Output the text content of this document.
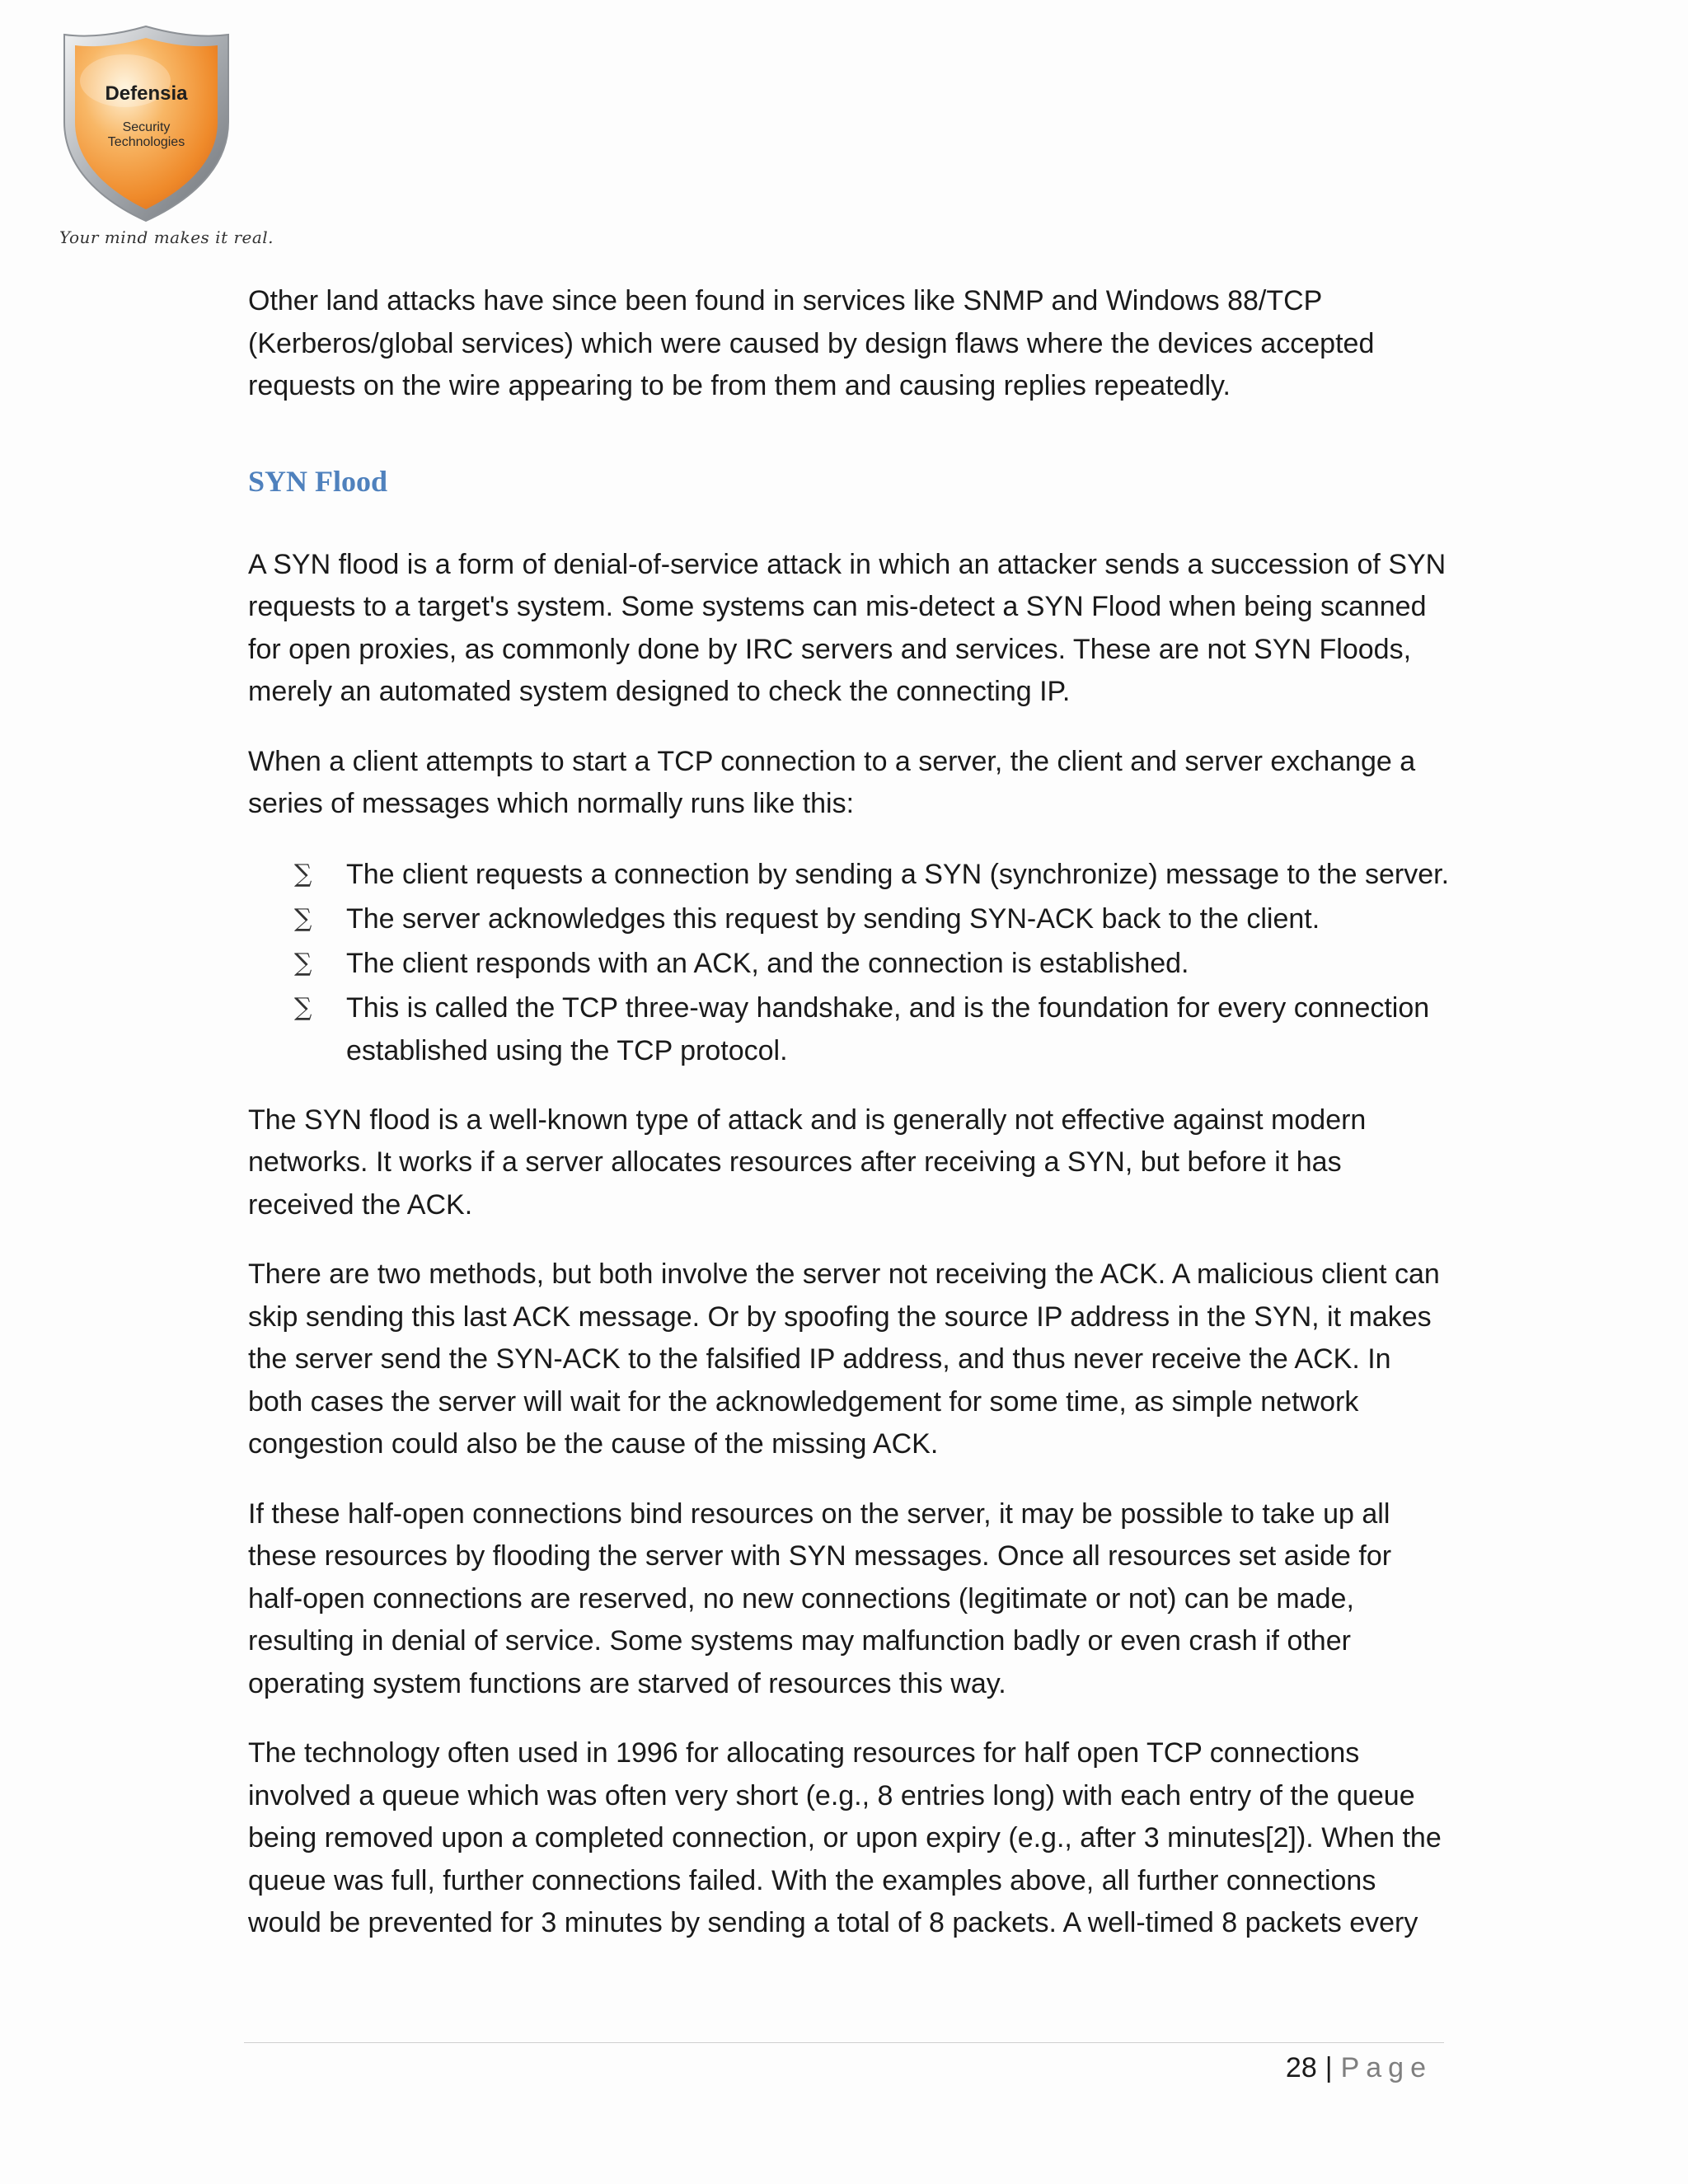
Defensia
Security
Technologies
Your mind makes it real.

Other land attacks have since been found in services like SNMP and Windows 88/TCP (Kerberos/global services) which were caused by design flaws where the devices accepted requests on the wire appearing to be from them and causing replies repeatedly.

SYN Flood

A SYN flood is a form of denial-of-service attack in which an attacker sends a succession of SYN requests to a target's system. Some systems can mis-detect a SYN Flood when being scanned for open proxies, as commonly done by IRC servers and services. These are not SYN Floods, merely an automated system designed to check the connecting IP.

When a client attempts to start a TCP connection to a server, the client and server exchange a series of messages which normally runs like this:

∑ The client requests a connection by sending a SYN (synchronize) message to the server.
∑ The server acknowledges this request by sending SYN-ACK back to the client.
∑ The client responds with an ACK, and the connection is established.
∑ This is called the TCP three-way handshake, and is the foundation for every connection established using the TCP protocol.

The SYN flood is a well-known type of attack and is generally not effective against modern networks. It works if a server allocates resources after receiving a SYN, but before it has received the ACK.

There are two methods, but both involve the server not receiving the ACK. A malicious client can skip sending this last ACK message. Or by spoofing the source IP address in the SYN, it makes the server send the SYN-ACK to the falsified IP address, and thus never receive the ACK. In both cases the server will wait for the acknowledgement for some time, as simple network congestion could also be the cause of the missing ACK.

If these half-open connections bind resources on the server, it may be possible to take up all these resources by flooding the server with SYN messages. Once all resources set aside for half-open connections are reserved, no new connections (legitimate or not) can be made, resulting in denial of service. Some systems may malfunction badly or even crash if other operating system functions are starved of resources this way.

The technology often used in 1996 for allocating resources for half open TCP connections involved a queue which was often very short (e.g., 8 entries long) with each entry of the queue being removed upon a completed connection, or upon expiry (e.g., after 3 minutes[2]). When the queue was full, further connections failed. With the examples above, all further connections would be prevented for 3 minutes by sending a total of 8 packets. A well-timed 8 packets every

28 | Page
